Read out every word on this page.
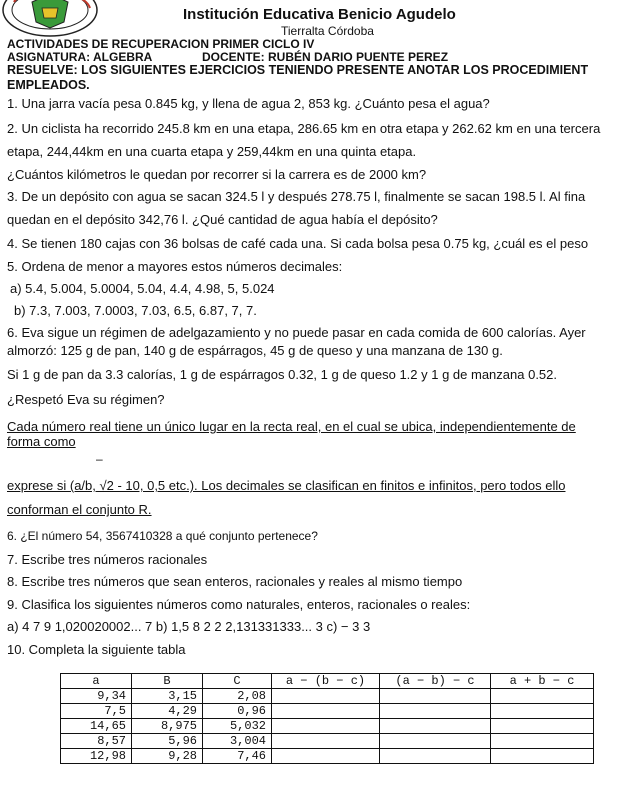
Institución Educativa Benicio Agudelo
Tierralta Córdoba
ACTIVIDADES DE RECUPERACION PRIMER CICLO IV
ASIGNATURA: ALGEBRA	DOCENTE: RUBÉN DARIO PUENTE PEREZ
RESUELVE: LOS SIGUIENTES EJERCICIOS TENIENDO PRESENTE ANOTAR LOS PROCEDIMIENT
EMPLEADOS.
1. Una jarra vacía pesa 0.845 kg, y llena de agua 2, 853 kg. ¿Cuánto pesa el agua?
2. Un ciclista ha recorrido 245.8 km en una etapa, 286.65 km en otra etapa y 262.62 km en una tercera
etapa, 244,44km en una cuarta etapa y 259,44km en una quinta etapa.
¿Cuántos kilómetros le quedan por recorrer si la carrera es de 2000 km?
3. De un depósito con agua se sacan 324.5 l y después 278.75 l, finalmente se sacan 198.5 l. Al fina
quedan en el depósito 342,76 l. ¿Qué cantidad de agua había el depósito?
4. Se tienen 180 cajas con 36 bolsas de café cada una. Si cada bolsa pesa 0.75 kg, ¿cuál es el peso
5. Ordena de menor a mayores estos números decimales:
a) 5.4, 5.004, 5.0004, 5.04, 4.4, 4.98, 5, 5.024
b) 7.3, 7.003, 7.0003, 7.03, 6.5, 6.87, 7, 7.
6. Eva sigue un régimen de adelgazamiento y no puede pasar en cada comida de 600 calorías. Ayer
almorzó: 125 g de pan, 140 g de espárragos, 45 g de queso y una manzana de 130 g.
Si 1 g de pan da 3.3 calorías, 1 g de espárragos 0.32, 1 g de queso 1.2 y 1 g de manzana 0.52.
¿Respetó Eva su régimen?
Cada número real tiene un único lugar en la recta real, en el cual se ubica, independientemente de
forma como
–
exprese si (a/b, √2 - 10, 0,5 etc.). Los decimales se clasifican en finitos e infinitos, pero todos ello
conforman el conjunto R.
6. ¿El número 54, 3567410328 a qué conjunto pertenece?
7. Escribe tres números racionales
8. Escribe tres números que sean enteros, racionales y reales al mismo tiempo
9. Clasifica los siguientes números como naturales, enteros, racionales o reales:
a) 4 7 9 1,020020002... 7 b) 1,5 8 2 2 2,131331333... 3 c) − 3 3
10. Completa la siguiente tabla
a	B	C	a − (b − c)	(a − b) − c	a + b − c
9,34	3,15	2,08			
7,5	4,29	0,96			
14,65	8,975	5,032			
8,57	5,96	3,004			
12,98	9,28	7,46			
